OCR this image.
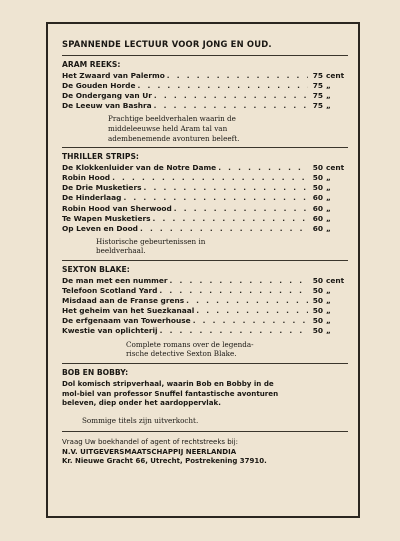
SPANNENDE LECTUUR VOOR JONG EN OUD.
ARAM REEKS:
Het Zwaard van Palermo . . .	75 cent
De Gouden Horde . . .	75 „
De Ondergang van Ur . . .	75 „
De Leeuw van Bashra . . .	75 „
Prachtige beeldverhalen waarin de
middeleeuwse held Aram tal van
adembenemende avonturen beleeft.
THRILLER STRIPS:
De Klokkenluider van de Notre Dame . . .	50 cent
Robin Hood . . .	50 „
De Drie Musketiers . . .	50 „
De Hinderlaag . . .	60 „
Robin Hood van Sherwood . . .	60 „
Te Wapen Musketiers . . .	60 „
Op Leven en Dood . . .	60 „
Historische gebeurtenissen in
beeldverhaal.
SEXTON BLAKE:
De man met een nummer . . .	50 cent
Telefoon Scotland Yard . . .	50 „
Misdaad aan de Franse grens . . .	50 „
Het geheim van het Suezkanaal . . .	50 „
De erfgenaam van Towerhouse . . .	50 „
Kwestie van oplichterij . . .	50 „
Complete romans over de legenda-
rische detective Sexton Blake.
BOB EN BOBBY:
Dol komisch stripverhaal, waarin Bob en Bobby in de
mol-biel van professor Snuffel fantastische avonturen
beleven, diep onder het aardoppervlak.
Sommige titels zijn uitverkocht.
Vraag Uw boekhandel of agent of rechtstreeks bij:
N.V. UITGEVERSMAATSCHAPPIJ NEERLANDIA
Kr. Nieuwe Gracht 66, Utrecht, Postrekening 37910.
